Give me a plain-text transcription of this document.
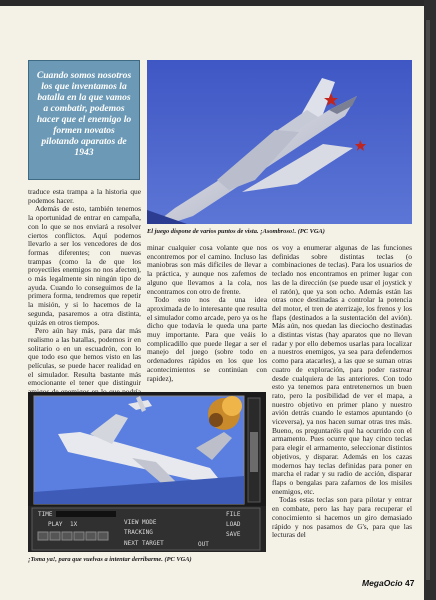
Cuando somos nosotros los que inventamos la batalla en la que vamos a combatir, podemos hacer que el enemigo lo formen novatos pilotando aparatos de 1943

El juego dispone de varios puntos de vista. ¡Asombroso!. (PC VGA)

traduce esta trampa a la historia que podemos hacer.

Además de esto, también tenemos la oportunidad de entrar en campaña, con lo que se nos enviará a resolver ciertos conflictos. Aquí podemos llevarlo a ser los vencedores de dos formas diferentes; con nuevas trampas (como la de que los proyectiles enemigos no nos afecten), o más legalmente sin ningún tipo de ayuda. Cuando lo conseguimos de la primera forma, tendremos que repetir la misión, y si lo hacemos de la segunda, pasaremos a otra distinta, quizás en otros tiempos.

Pero aún hay más, para dar más realismo a las batallas, podemos ir en solitario o en un escuadrón, con lo que todo eso que hemos visto en las películas, se puede hacer realidad en el simulador. Resulta bastante más emocionante el tener que distinguir

minar cualquier cosa volante que nos encontremos por el camino. Incluso las maniobras son más difíciles de llevar a la práctica, y aunque nos zafemos de alguno que llevamos a la cola, nos encontramos con otro de frente.

Todo esto nos da una idea aproximada de lo interesante que resulta el simulador como arcade, pero ya os he dicho que todavía le queda una parte muy importante. Para que veáis lo complicadillo que puede llegar a ser el manejo del juego (sobre todo en ordenadores rápidos en los que los acontecimientos se continúan con rapidez),

os voy a enumerar algunas de las funciones definidas sobre distintas teclas (o combinaciones de teclas). Para los usuarios de teclado nos encontramos en primer lugar con las de la dirección (se puede usar el joystick y el ratón), que ya son ocho. Además están las otras once destinadas a controlar la potencia del motor, el tren de aterrizaje, los frenos y los flaps (destinados a la sustentación del avión). Más aún, nos quedan las dieciocho destinadas a distintas vistas (hay aparatos que no llevan radar y por ello debemos usarlas para localizar a nuestros enemigos, ya sea para defendernos como para atacarles), a las que se suman otras cuatro de exploración, para poder rastrear desde cualquiera de las anteriores. Con todo esto ya tenemos para entretenernos un buen rato, pero la posibilidad de ver el mapa, a nuestro objetivo en primer plano y nuestro avión detrás cuando le estamos apuntando (o viceversa), ya nos hacen sumar otras tres más. Bueno, os preguntaréis qué ha ocurrido con el armamento. Pues ocurre que hay cinco teclas para elegir el armamento, seleccionar distintos objetivos, y disparar. Además en los cazas modernos hay teclas definidas para poner en marcha el radar y su radio de acción, disparar flaps o bengalas para zafarnos de los misiles enemigos, etc.

Todas estas teclas son para pilotar y entrar en combate, pero las hay para recuperar el conocimiento si hacemos un giro demasiado rápido y nos pasamos de G's, para que las lecturas del

TIME
PLAY 1X	VIEW MODE
TRACKING
NEXT TARGET
FILE
LOAD
SAVE
OUT
¡Toma ya!, para que vuelvas a intentar derribarme. (PC VGA)
MegaOcio 47
